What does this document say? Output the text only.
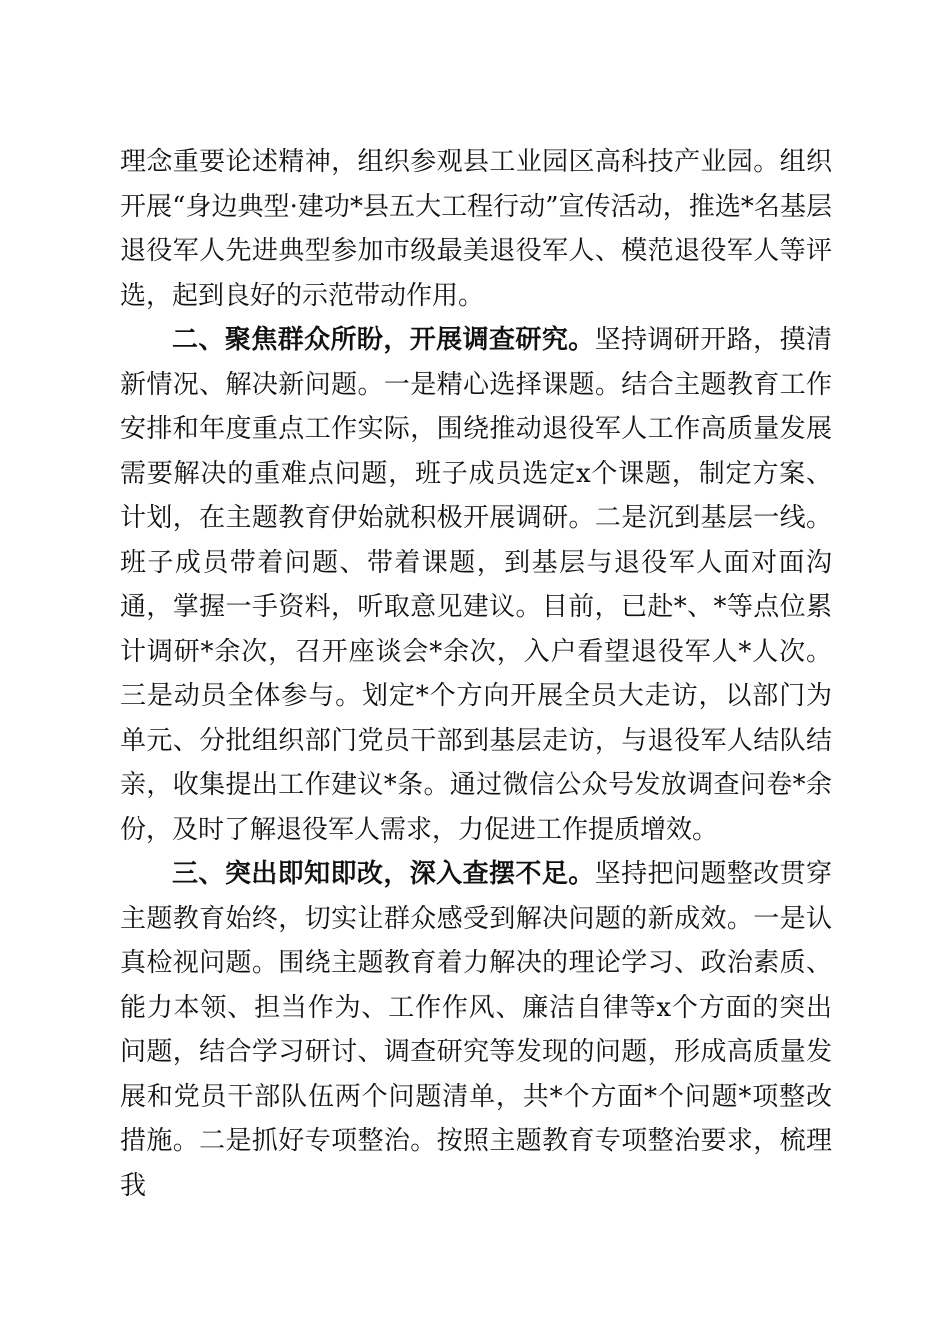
理念重要论述精神，组织参观县工业园区高科技产业园。组织开展“身边典型·建功*县五大工程行动”宣传活动，推选*名基层退役军人先进典型参加市级最美退役军人、模范退役军人等评选，起到良好的示范带动作用。

二、聚焦群众所盼，开展调查研究。坚持调研开路，摸清新情况、解决新问题。一是精心选择课题。结合主题教育工作安排和年度重点工作实际，围绕推动退役军人工作高质量发展需要解决的重难点问题，班子成员选定x个课题，制定方案、计划，在主题教育伊始就积极开展调研。二是沉到基层一线。班子成员带着问题、带着课题，到基层与退役军人面对面沟通，掌握一手资料，听取意见建议。目前，已赴*、*等点位累计调研*余次，召开座谈会*余次，入户看望退役军人*人次。三是动员全体参与。划定*个方向开展全员大走访，以部门为单元、分批组织部门党员干部到基层走访，与退役军人结队结亲，收集提出工作建议*条。通过微信公众号发放调查问卷*余份，及时了解退役军人需求，力促进工作提质增效。

三、突出即知即改，深入查摆不足。坚持把问题整改贯穿主题教育始终，切实让群众感受到解决问题的新成效。一是认真检视问题。围绕主题教育着力解决的理论学习、政治素质、能力本领、担当作为、工作作风、廉洁自律等x个方面的突出问题，结合学习研讨、调查研究等发现的问题，形成高质量发展和党员干部队伍两个问题清单，共*个方面*个问题*项整改措施。二是抓好专项整治。按照主题教育专项整治要求，梳理我
